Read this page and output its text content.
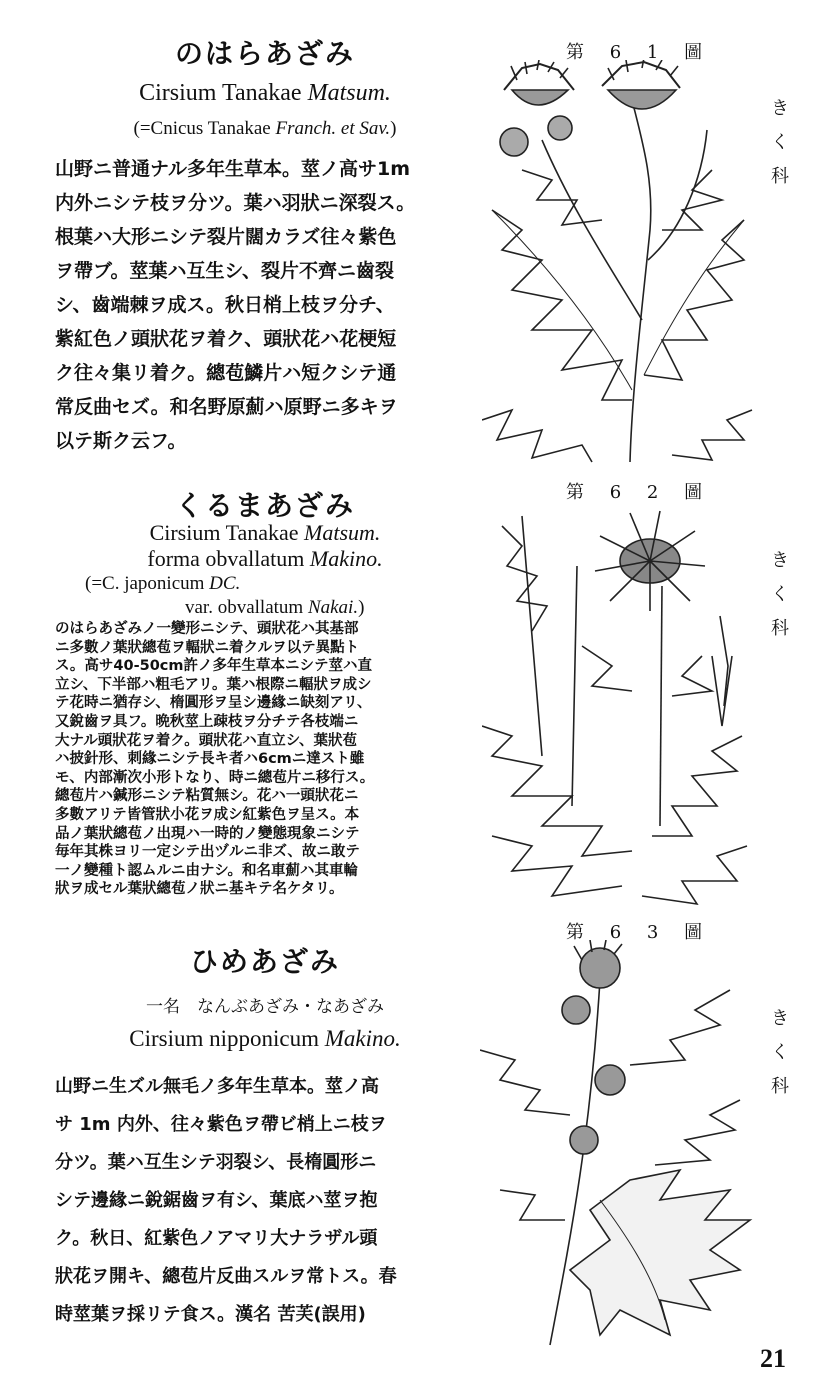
のはらあざみ
Cirsium Tanakae Matsum.
(=Cnicus Tanakae Franch. et Sav.)
山野ニ普通ナル多年生草本。莖ノ高サ1m
内外ニシテ枝ヲ分ツ。葉ハ羽狀ニ深裂ス。
根葉ハ大形ニシテ裂片闊カラズ往々紫色
ヲ帶ブ。莖葉ハ互生シ、裂片不齊ニ齒裂
シ、齒端棘ヲ成ス。秋日梢上枝ヲ分チ、
紫紅色ノ頭狀花ヲ着ク、頭狀花ハ花梗短
ク往々集リ着ク。總苞鱗片ハ短クシテ通
常反曲セズ。和名野原薊ハ原野ニ多キヲ
以テ斯ク云フ。
第 6 1 圖
き
く
科
くるまあざみ
Cirsium Tanakae Matsum.
forma obvallatum Makino.
(=C. japonicum DC.
var. obvallatum Nakai.)
のはらあざみノ一變形ニシテ、頭狀花ハ其基部
ニ多數ノ葉狀總苞ヲ輻狀ニ着クルヲ以テ異點ト
ス。高サ40-50cm許ノ多年生草本ニシテ莖ハ直
立シ、下半部ハ粗毛アリ。葉ハ根際ニ輻狀ヲ成シ
テ花時ニ猶存シ、楕圓形ヲ呈シ邊緣ニ缺刻アリ、
又銳齒ヲ具フ。晩秋莖上疎枝ヲ分チテ各枝端ニ
大ナル頭狀花ヲ着ク。頭狀花ハ直立シ、葉狀苞
ハ披針形、刺緣ニシテ長キ者ハ6cmニ達スト雖
モ、内部漸次小形トなり、時ニ總苞片ニ移行ス。
總苞片ハ鍼形ニシテ粘質無シ。花ハ一頭狀花ニ
多數アリテ皆管狀小花ヲ成シ紅紫色ヲ呈ス。本
品ノ葉狀總苞ノ出現ハ一時的ノ變態現象ニシテ
毎年其株ヨリ一定シテ出ヅルニ非ズ、故ニ敢テ
一ノ變種ト認ムルニ由ナシ。和名車薊ハ其車輪
狀ヲ成セル葉狀總苞ノ狀ニ基キテ名ケタリ。
第 6 2 圖
き
く
科
ひめあざみ
一名　なんぶあざみ・なあざみ
Cirsium nipponicum Makino.
山野ニ生ズル無毛ノ多年生草本。莖ノ高
サ 1m 内外、往々紫色ヲ帶ビ梢上ニ枝ヲ
分ツ。葉ハ互生シテ羽裂シ、長楕圓形ニ
シテ邊緣ニ銳鋸齒ヲ有シ、葉底ハ莖ヲ抱
ク。秋日、紅紫色ノアマリ大ナラザル頭
狀花ヲ開キ、總苞片反曲スルヲ常トス。春
時莖葉ヲ採リテ食ス。漢名 苦芙(誤用)
第 6 3 圖
き
く
科
21
